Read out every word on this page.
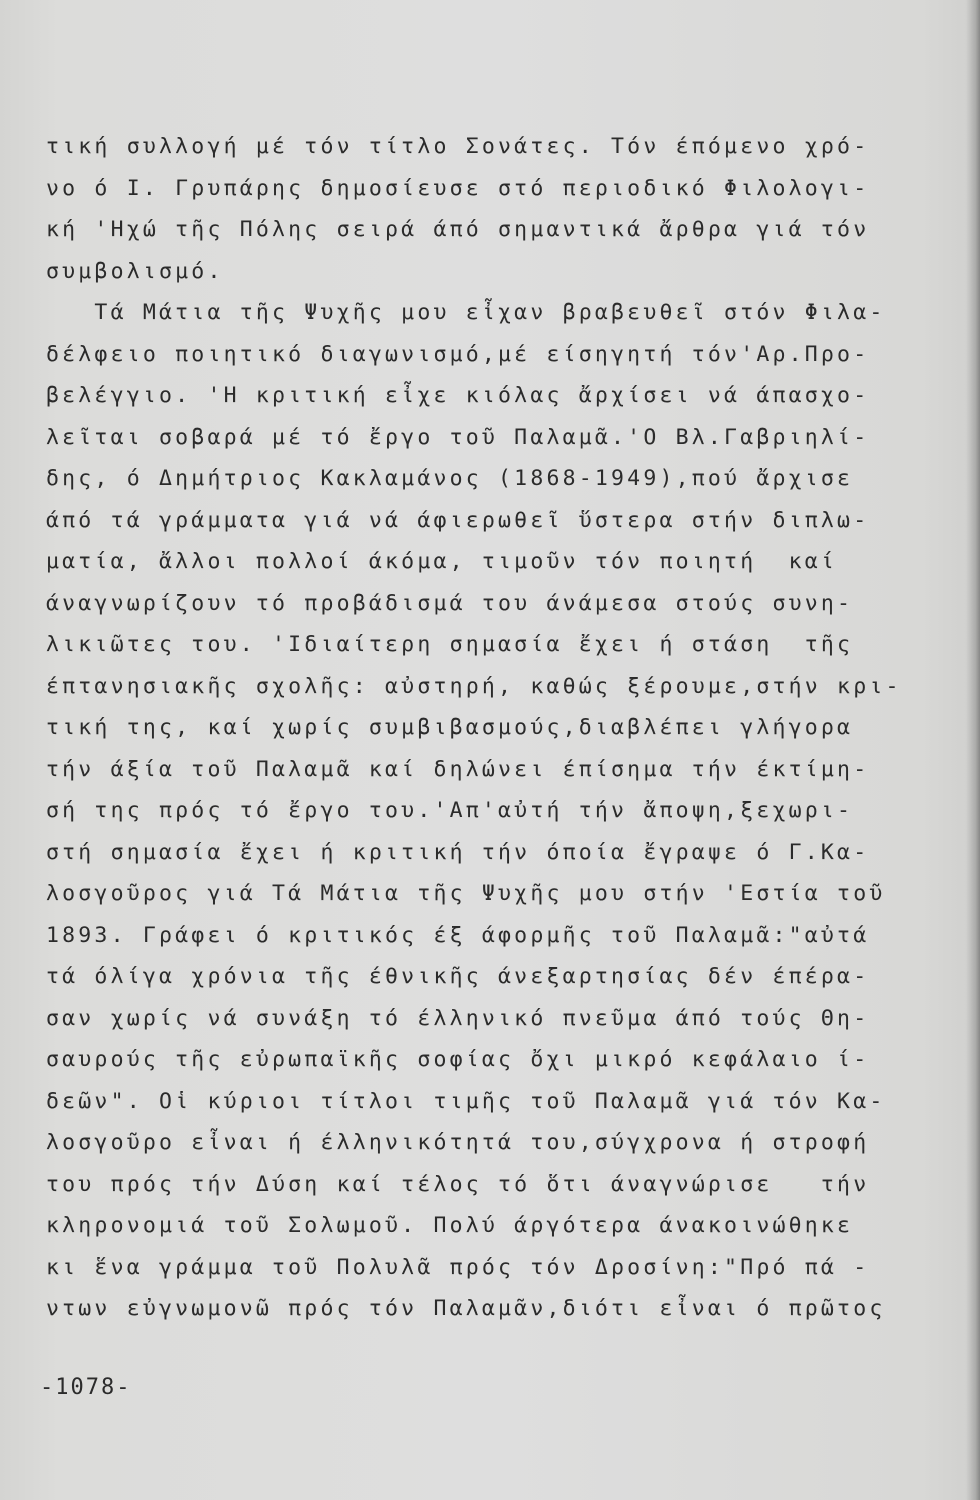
τική συλλογή μέ τόν τίτλο Σονάτες. Τόν έπόμενο χρό-
νο ό Ι. Γρυπάρης δημοσίευσε στό περιοδικό Φιλολογι-
κή 'Ηχώ τῆς Πόλης σειρά άπό σημαντικά ἄρθρα γιά τόν
συμβολισμό.
Τά Μάτια τῆς Ψυχῆς μου εἶχαν βραβευθεῖ στόν Φιλα-
δέλφειο ποιητικό διαγωνισμό,μέ είσηγητή τόν'Αρ.Προ-
βελέγγιο. 'Η κριτική εἶχε κιόλας ἄρχίσει νά άπασχο-
λεῖται σοβαρά μέ τό ἔργο τοῦ Παλαμᾶ.'Ο Βλ.Γαβριηλί-
δης, ό Δημήτριος Κακλαμάνος (1868-1949),πού ἄρχισε
άπό τά γράμματα γιά νά άφιερωθεῖ ὕστερα στήν διπλω-
ματία, ἄλλοι πολλοί άκόμα, τιμοῦν τόν ποιητή  καί
άναγνωρίζουν τό προβάδισμά του άνάμεσα στούς συνη-
λικιῶτες του. 'Ιδιαίτερη σημασία ἔχει ή στάση  τῆς
έπτανησιακῆς σχολῆς: αὐστηρή, καθώς ξέρουμε,στήν κρι-
τική της, καί χωρίς συμβιβασμούς,διαβλέπει γλήγορα
τήν άξία τοῦ Παλαμᾶ καί δηλώνει έπίσημα τήν έκτίμη-
σή της πρός τό ἔργο του.'Απ'αὐτή τήν ἄποψη,ξεχωρι-
στή σημασία ἔχει ή κριτική τήν όποία ἔγραψε ό Γ.Κα-
λοσγοῦρος γιά Τά Μάτια τῆς Ψυχῆς μου στήν 'Εστία τοῦ
1893. Γράφει ό κριτικός έξ άφορμῆς τοῦ Παλαμᾶ:"αὐτά
τά όλίγα χρόνια τῆς έθνικῆς άνεξαρτησίας δέν έπέρα-
σαν χωρίς νά συνάξη τό έλληνικό πνεῦμα άπό τούς Θη-
σαυρούς τῆς εὐρωπαϊκῆς σοφίας ὄχι μικρό κεφάλαιο ί-
δεῶν". Οἱ κύριοι τίτλοι τιμῆς τοῦ Παλαμᾶ γιά τόν Κα-
λοσγοῦρο εἶναι ή έλληνικότητά του,σύγχρονα ή στροφή
του πρός τήν Δύση καί τέλος τό ὅτι άναγνώρισε   τήν
κληρονομιά τοῦ Σολωμοῦ. Πολύ άργότερα άνακοινώθηκε
κι ἕνα γράμμα τοῦ Πολυλᾶ πρός τόν Δροσίνη:"Πρό πά -
ντων εὐγνωμονῶ πρός τόν Παλαμᾶν,διότι εἶναι ό πρῶτος
-1078-
